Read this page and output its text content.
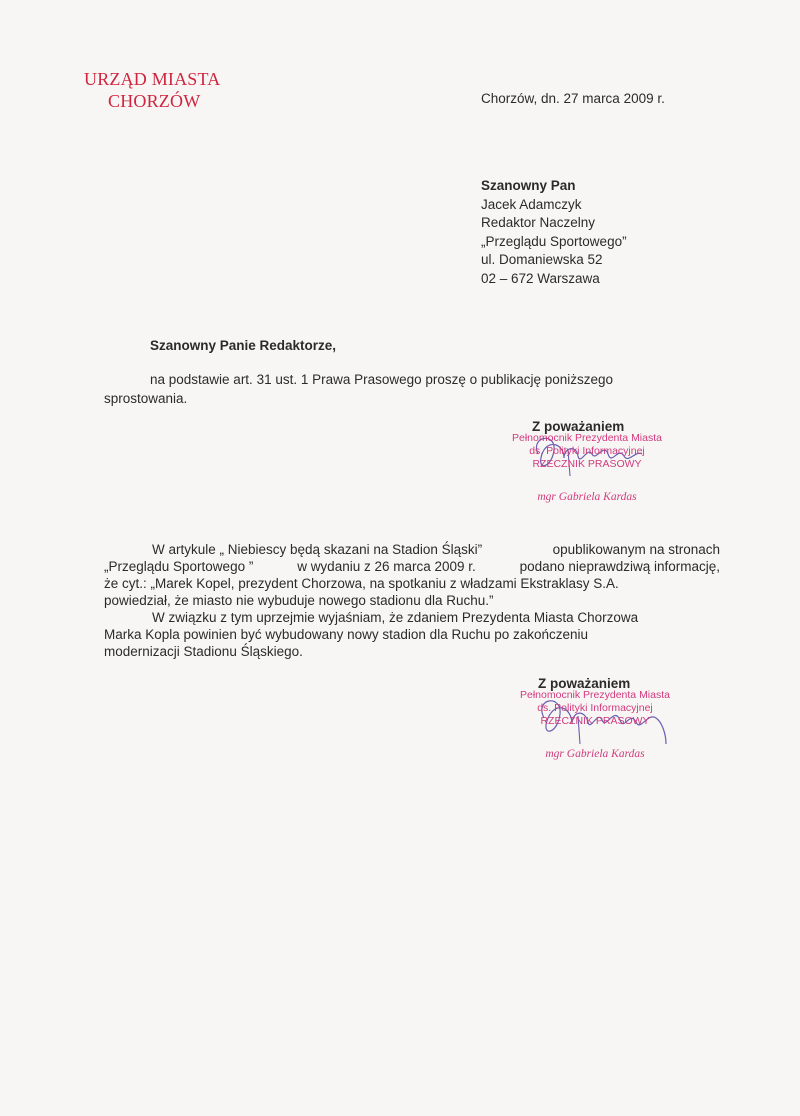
URZĄD MIASTA
CHORZÓW	Chorzów, dn. 27 marca 2009 r.
Szanowny Pan
Jacek Adamczyk
Redaktor Naczelny
„Przeglądu Sportowego”
ul. Domaniewska 52
02 – 672 Warszawa
Szanowny Panie Redaktorze,
na podstawie art. 31 ust. 1 Prawa Prasowego proszę o publikację poniższego
sprostowania.
Z poważaniem
Pełnomocnik Prezydenta Miasta
ds. Polityki Informacyjnej
RZECZNIK PRASOWY
mgr Gabriela Kardas
W artykule „ Niebiescy będą skazani na Stadion Śląski”	opublikowanym na stronach
„Przeglądu Sportowego ”	w wydaniu z 26 marca 2009 r.	podano nieprawdziwą informację,
że cyt.: „Marek Kopel, prezydent Chorzowa, na spotkaniu z władzami Ekstraklasy S.A.
powiedział, że miasto nie wybuduje nowego stadionu dla Ruchu.”
W związku z tym uprzejmie wyjaśniam, że zdaniem Prezydenta Miasta Chorzowa
Marka Kopla powinien być wybudowany nowy stadion dla Ruchu po zakończeniu
modernizacji Stadionu Śląskiego.
Z poważaniem
Pełnomocnik Prezydenta Miasta
ds. Polityki Informacyjnej
RZECZNIK PRASOWY
mgr Gabriela Kardas
